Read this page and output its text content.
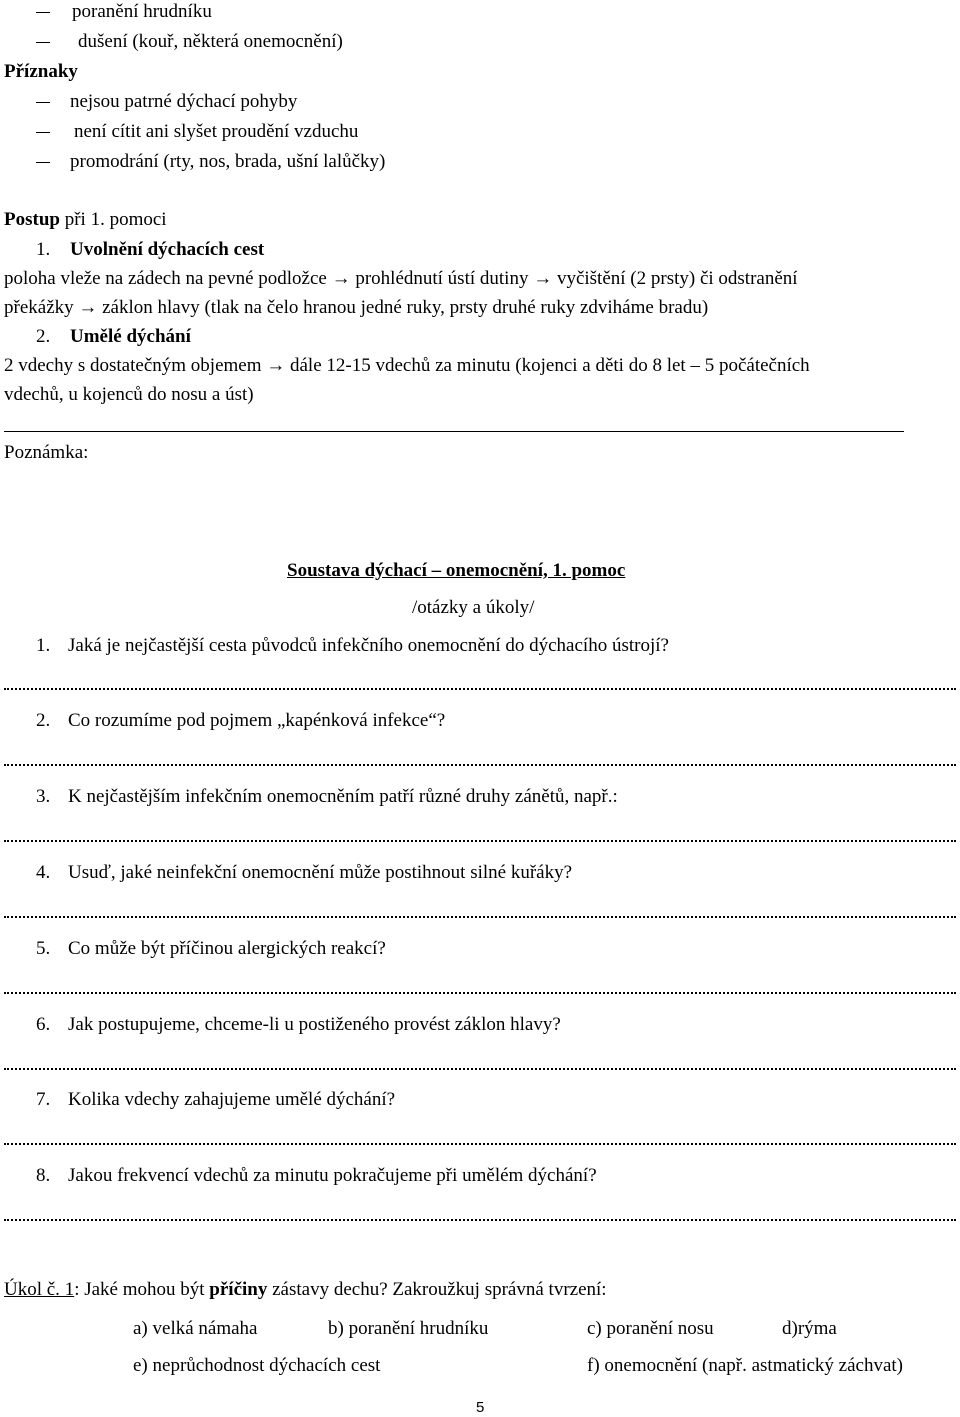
poranění hrudníku
dušení (kouř, některá onemocnění)
Příznaky
nejsou patrné dýchací pohyby
není cítit ani slyšet proudění vzduchu
promodrání (rty, nos, brada, ušní lalůčky)
Postup při 1. pomoci
1. Uvolnění dýchacích cest
poloha vleže na zádech na pevné podložce → prohlédnutí ústí dutiny → vyčištění (2 prsty) či odstranění
překážky → záklon hlavy (tlak na čelo hranou jedné ruky, prsty druhé ruky zdviháme bradu)
2. Umělé dýchání
2 vdechy s dostatečným objemem → dále 12-15 vdechů za minutu (kojenci a děti do 8 let – 5 počátečních
vdechů, u kojenců do nosu a úst)
Poznámka:
Soustava dýchací – onemocnění, 1. pomoc
/otázky a úkoly/
1. Jaká je nejčastější cesta původců infekčního onemocnění do dýchacího ústrojí?
2. Co rozumíme pod pojmem „kapénková infekce“?
3. K nejčastějším infekčním onemocněním patří různé druhy zánětů, např.:
4. Usuď, jaké neinfekční onemocnění může postihnout silné kuřáky?
5. Co může být příčinou alergických reakcí?
6. Jak postupujeme, chceme-li u postiženého provést záklon hlavy?
7. Kolika vdechy zahajujeme umělé dýchání?
8. Jakou frekvencí vdechů za minutu pokračujeme při umělém dýchání?
Úkol č. 1: Jaké mohou být příčiny zástavy dechu? Zakroužkuj správná tvrzení:
a) velká námaha	b) poranění hrudníku	c) poranění nosu	d)rýma
e) neprůchodnost dýchacích cest	f) onemocnění (např. astmatický záchvat)
5
